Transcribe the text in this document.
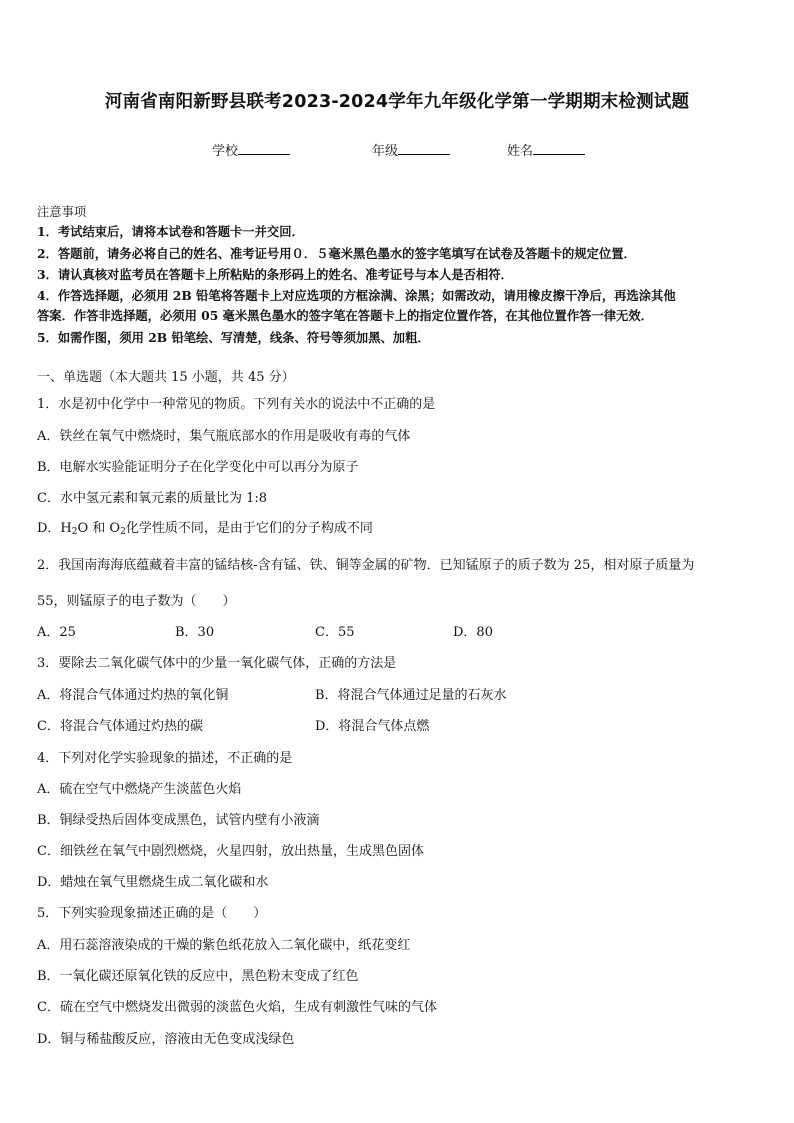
河南省南阳新野县联考2023-2024学年九年级化学第一学期期末检测试题
学校	年级	姓名
注意事项
1．考试结束后，请将本试卷和答题卡一并交回．
2．答题前，请务必将自己的姓名、准考证号用０．５毫米黑色墨水的签字笔填写在试卷及答题卡的规定位置．
3．请认真核对监考员在答题卡上所粘贴的条形码上的姓名、准考证号与本人是否相符．
4．作答选择题，必须用 2B 铅笔将答题卡上对应选项的方框涂满、涂黑；如需改动，请用橡皮擦干净后，再选涂其他
答案．作答非选择题，必须用 05 毫米黑色墨水的签字笔在答题卡上的指定位置作答，在其他位置作答一律无效．
5．如需作图，须用 2B 铅笔绘、写清楚，线条、符号等须加黑、加粗．
一、单选题（本大题共 15 小题，共 45 分）
1．水是初中化学中一种常见的物质。下列有关水的说法中不正确的是
A．铁丝在氧气中燃烧时，集气瓶底部水的作用是吸收有毒的气体
B．电解水实验能证明分子在化学变化中可以再分为原子
C．水中氢元素和氧元素的质量比为 1:8
D．$H_2O$ 和 $O_2$化学性质不同，是由于它们的分子构成不同
2．我国南海海底蕴藏着丰富的锰结核-含有锰、铁、铜等金属的矿物．已知锰原子的质子数为 25，相对原子质量为
55，则锰原子的电子数为（　　）
A．25	B．30	C．55	D．80
3．要除去二氧化碳气体中的少量一氧化碳气体，正确的方法是
A．将混合气体通过灼热的氧化铜	B．将混合气体通过足量的石灰水
C．将混合气体通过灼热的碳	D．将混合气体点燃
4．下列对化学实验现象的描述，不正确的是
A．硫在空气中燃烧产生淡蓝色火焰
B．铜绿受热后固体变成黑色，试管内壁有小液滴
C．细铁丝在氧气中剧烈燃烧，火星四射，放出热量，生成黑色固体
D．蜡烛在氧气里燃烧生成二氧化碳和水
5．下列实验现象描述正确的是（　　）
A．用石蕊溶液染成的干燥的紫色纸花放入二氧化碳中，纸花变红
B．一氧化碳还原氧化铁的反应中，黑色粉末变成了红色
C．硫在空气中燃烧发出微弱的淡蓝色火焰，生成有刺激性气味的气体
D．铜与稀盐酸反应，溶液由无色变成浅绿色
